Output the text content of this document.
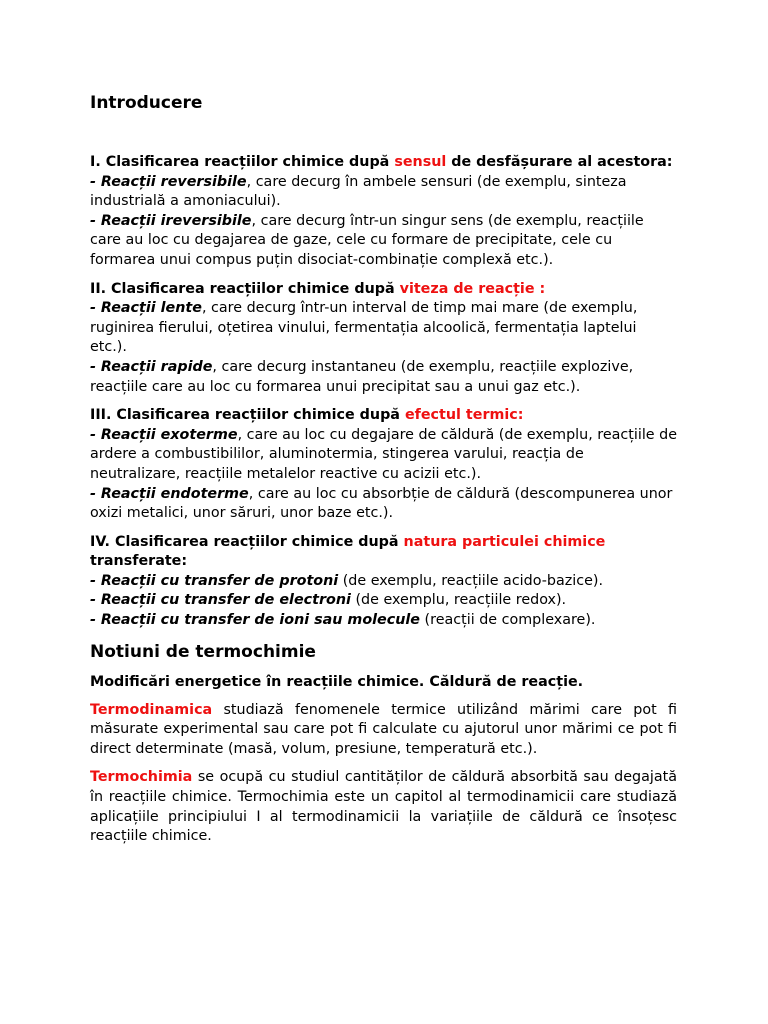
Introducere
I. Clasificarea reacțiilor chimice după sensul de desfășurare al acestora:
- Reacții reversibile, care decurg în ambele sensuri (de exemplu, sinteza industrială a amoniacului).
- Reacții ireversibile, care decurg într-un singur sens (de exemplu, reacțiile care au loc cu degajarea de gaze, cele cu formare de precipitate, cele cu formarea unui compus puțin disociat-combinație complexă etc.).
II. Clasificarea reacțiilor chimice după viteza de reacție :
- Reacții lente, care decurg într-un interval de timp mai mare (de exemplu, ruginirea fierului, oțetirea vinului, fermentația alcoolică, fermentația laptelui etc.).
- Reacții rapide, care decurg instantaneu (de exemplu, reacțiile explozive, reacțiile care au loc cu formarea unui precipitat sau a unui gaz etc.).
III. Clasificarea reacțiilor chimice după efectul termic:
- Reacții exoterme, care au loc cu degajare de căldură (de exemplu, reacțiile de ardere a combustibililor, aluminotermia, stingerea varului, reacția de neutralizare, reacțiile metalelor reactive cu acizii etc.).
- Reacții endoterme, care au loc cu absorbție de căldură (descompunerea unor oxizi metalici, unor săruri, unor baze etc.).
IV. Clasificarea reacțiilor chimice după natura particulei chimice transferate:
- Reacții cu transfer de protoni (de exemplu, reacțiile acido-bazice).
- Reacții cu transfer de electroni (de exemplu, reacțiile redox).
- Reacții cu transfer de ioni sau molecule (reacții de complexare).
Notiuni de termochimie
Modificări energetice în reacțiile chimice. Căldură de reacție.
Termodinamica studiază fenomenele termice utilizând mărimi care pot fi măsurate experimental sau care pot fi calculate cu ajutorul unor mărimi ce pot fi direct determinate (masă, volum, presiune, temperatură etc.).
Termochimia se ocupă cu studiul cantităților de căldură absorbită sau degajată în reacțiile chimice. Termochimia este un capitol al termodinamicii care studiază aplicațiile principiului I al termodinamicii la variațiile de căldură ce însoțesc reacțiile chimice.
